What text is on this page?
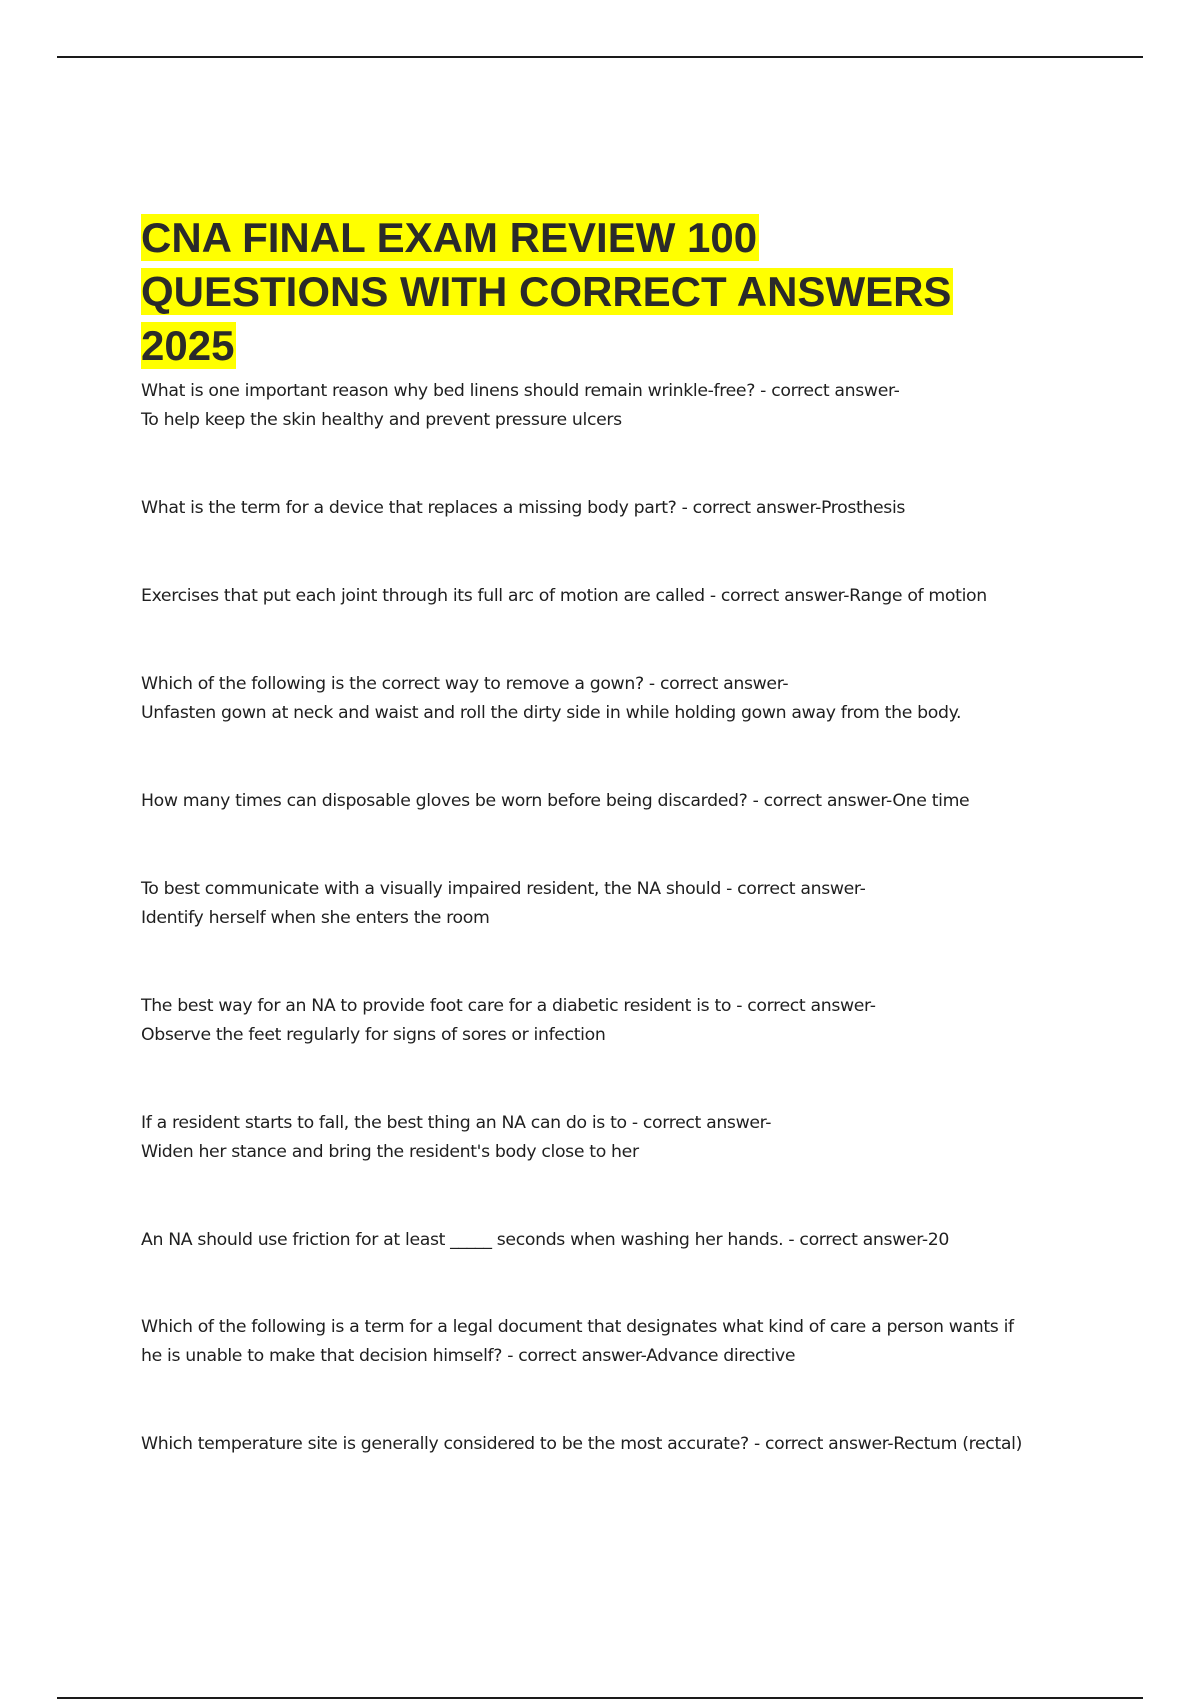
CNA FINAL EXAM REVIEW 100
QUESTIONS WITH CORRECT ANSWERS
2025

What is one important reason why bed linens should remain wrinkle-free? - correct answer-
To help keep the skin healthy and prevent pressure ulcers

What is the term for a device that replaces a missing body part? - correct answer-Prosthesis

Exercises that put each joint through its full arc of motion are called - correct answer-Range of motion

Which of the following is the correct way to remove a gown? - correct answer-
Unfasten gown at neck and waist and roll the dirty side in while holding gown away from the body.

How many times can disposable gloves be worn before being discarded? - correct answer-One time

To best communicate with a visually impaired resident, the NA should - correct answer-
Identify herself when she enters the room

The best way for an NA to provide foot care for a diabetic resident is to - correct answer-
Observe the feet regularly for signs of sores or infection

If a resident starts to fall, the best thing an NA can do is to - correct answer-
Widen her stance and bring the resident's body close to her

An NA should use friction for at least _____ seconds when washing her hands. - correct answer-20

Which of the following is a term for a legal document that designates what kind of care a person wants if
he is unable to make that decision himself? - correct answer-Advance directive

Which temperature site is generally considered to be the most accurate? - correct answer-Rectum (rectal)
